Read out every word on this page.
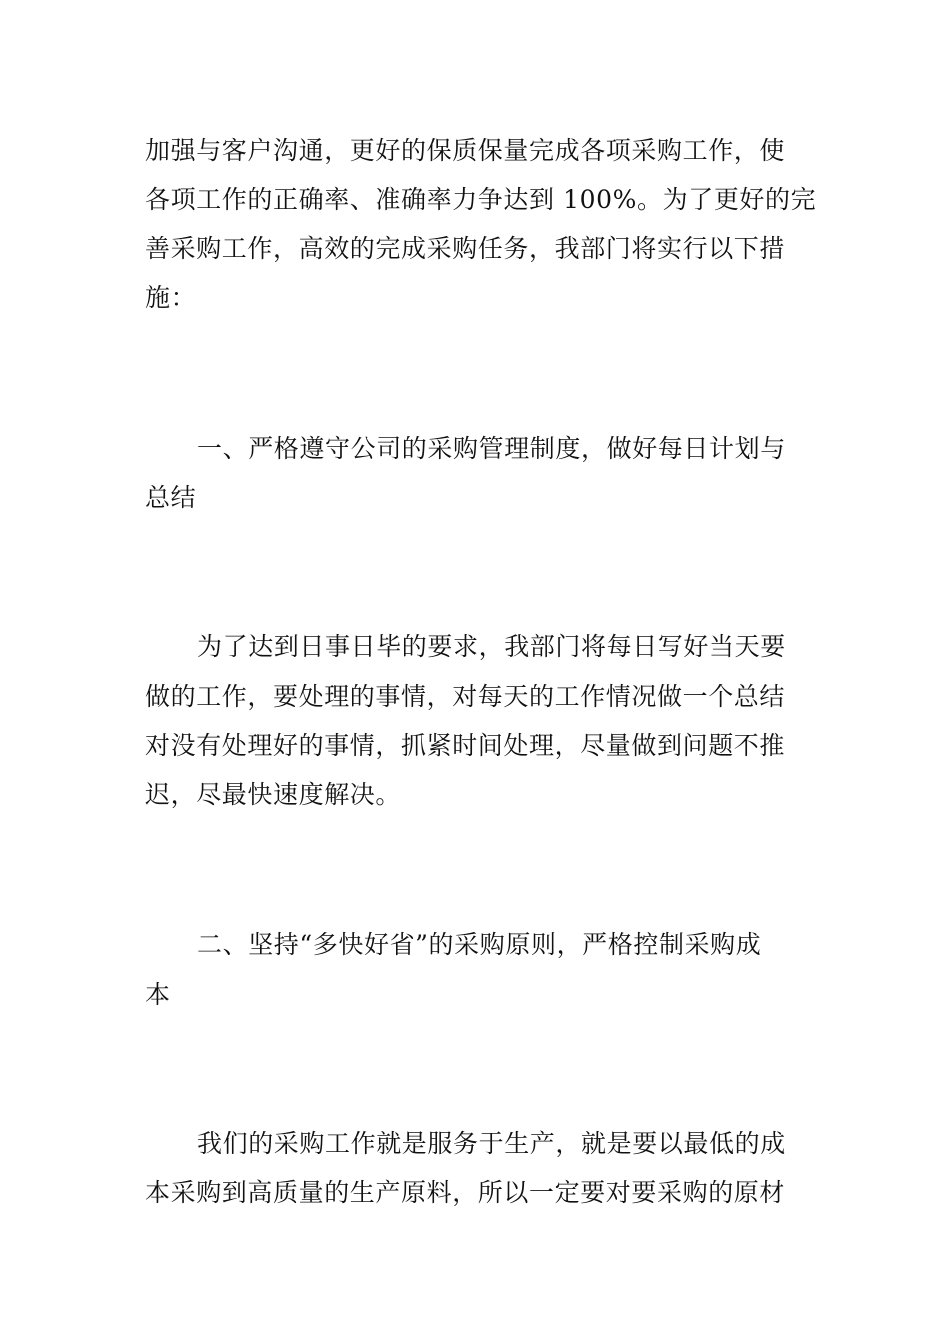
加强与客户沟通，更好的保质保量完成各项采购工作，使
各项工作的正确率、准确率力争达到 100%。为了更好的完
善采购工作，高效的完成采购任务，我部门将实行以下措
施：
一、严格遵守公司的采购管理制度，做好每日计划与
总结
为了达到日事日毕的要求，我部门将每日写好当天要
做的工作，要处理的事情，对每天的工作情况做一个总结
对没有处理好的事情，抓紧时间处理，尽量做到问题不推
迟，尽最快速度解决。
二、坚持“多快好省”的采购原则，严格控制采购成
本
我们的采购工作就是服务于生产，就是要以最低的成
本采购到高质量的生产原料，所以一定要对要采购的原材
